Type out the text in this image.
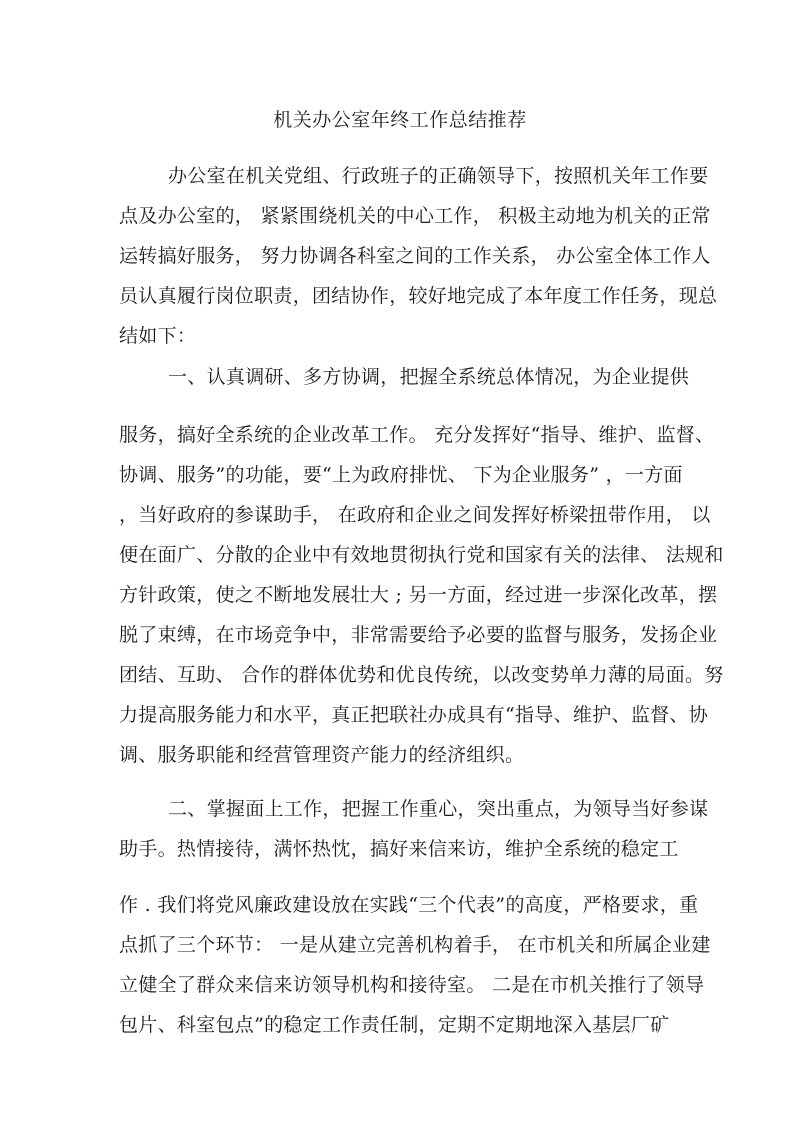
机关办公室年终工作总结推荐
办公室在机关党组、行政班子的正确领导下，按照机关年工作要
点及办公室的， 紧紧围绕机关的中心工作， 积极主动地为机关的正常
运转搞好服务， 努力协调各科室之间的工作关系， 办公室全体工作人
员认真履行岗位职责，团结协作，较好地完成了本年度工作任务，现总
结如下：
一、认真调研、多方协调，把握全系统总体情况，为企业提供
服务，搞好全系统的企业改革工作。 充分发挥好“指导、维护、监督、
协调、服务”的功能，要“上为政府排忧、 下为企业服务” ，一方面
，当好政府的参谋助手， 在政府和企业之间发挥好桥梁扭带作用， 以
便在面广、分散的企业中有效地贯彻执行党和国家有关的法律、 法规和
方针政策，使之不断地发展壮大 ; 另一方面，经过进一步深化改革，摆
脱了束缚，在市场竞争中，非常需要给予必要的监督与服务，发扬企业
团结、互助、 合作的群体优势和优良传统，以改变势单力薄的局面。努
力提高服务能力和水平，真正把联社办成具有“指导、维护、监督、协
调、服务职能和经营管理资产能力的经济组织。
二、掌握面上工作，把握工作重心，突出重点，为领导当好参谋
助手。热情接待，满怀热忱，搞好来信来访，维护全系统的稳定工
作 . 我们将党风廉政建设放在实践“三个代表”的高度，严格要求，重
点抓了三个环节： 一是从建立完善机构着手， 在市机关和所属企业建
立健全了群众来信来访领导机构和接待室。 二是在市机关推行了领导
包片、科室包点”的稳定工作责任制，定期不定期地深入基层厂矿
